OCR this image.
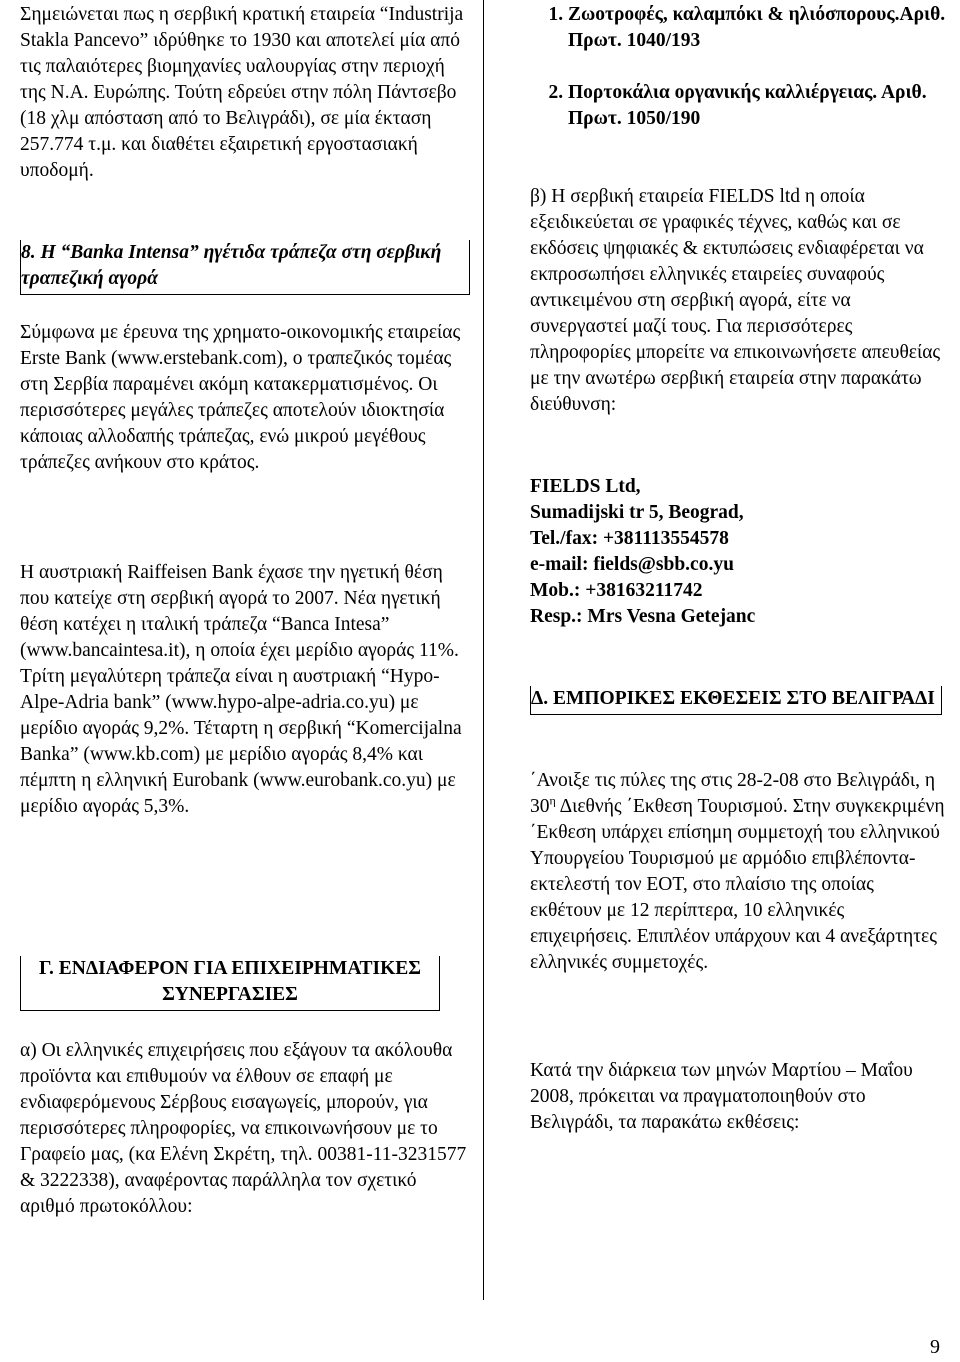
Σημειώνεται πως η σερβική κρατική εταιρεία “Industrija Stakla Pancevo” ιδρύθηκε το 1930 και αποτελεί μία από τις παλαιότερες βιομηχανίες υαλουργίας στην περιοχή της Ν.Α. Ευρώπης. Τούτη εδρεύει στην πόλη Πάντσεβο (18 χλμ απόσταση από το Βελιγράδι), σε μία έκταση 257.774 τ.μ. και διαθέτει εξαιρετική εργοστασιακή υποδομή.

8. Η “Banka Intensa” ηγέτιδα τράπεζα στη σερβική τραπεζική αγορά

Σύμφωνα με έρευνα της χρηματο-οικονομικής εταιρείας Erste Bank (www.erstebank.com), ο τραπεζικός τομέας στη Σερβία παραμένει ακόμη κατακερματισμένος. Οι περισσότερες μεγάλες τράπεζες αποτελούν ιδιοκτησία κάποιας αλλοδαπής τράπεζας, ενώ μικρού μεγέθους τράπεζες ανήκουν στο κράτος.

Η αυστριακή Raiffeisen Bank έχασε την ηγετική θέση που κατείχε στη σερβική αγορά το 2007. Νέα ηγετική θέση κατέχει η ιταλική τράπεζα “Banca Intesa” (www.bancaintesa.it), η οποία έχει μερίδιο αγοράς 11%. Τρίτη μεγαλύτερη τράπεζα είναι η αυστριακή “Hypo-Alpe-Adria bank” (www.hypo-alpe-adria.co.yu) με μερίδιο αγοράς 9,2%. Τέταρτη η σερβική “Komercijalna Banka” (www.kb.com) με μερίδιο αγοράς 8,4% και πέμπτη η ελληνική Eurobank (www.eurobank.co.yu) με μερίδιο αγοράς 5,3%.

Γ. ΕΝΔΙΑΦΕΡΟΝ ΓΙΑ ΕΠΙΧΕΙΡΗΜΑΤΙΚΕΣ ΣΥΝΕΡΓΑΣΙΕΣ

α) Οι ελληνικές επιχειρήσεις που εξάγουν τα ακόλουθα προϊόντα και επιθυμούν να έλθουν σε επαφή με ενδιαφερόμενους Σέρβους εισαγωγείς, μπορούν, για περισσότερες πληροφορίες, να επικοινωνήσουν με το Γραφείο μας, (κα Ελένη Σκρέτη, τηλ. 00381-11-3231577 & 3222338), αναφέροντας παράλληλα τον σχετικό αριθμό πρωτοκόλλου:

1. Ζωοτροφές, καλαμπόκι & ηλιόσπορους.Αριθ. Πρωτ. 1040/193
2. Πορτοκάλια οργανικής καλλιέργειας. Αριθ. Πρωτ. 1050/190

β) Η σερβική εταιρεία FIELDS ltd η οποία εξειδικεύεται σε γραφικές τέχνες, καθώς και σε εκδόσεις ψηφιακές & εκτυπώσεις ενδιαφέρεται να εκπροσωπήσει ελληνικές εταιρείες συναφούς αντικειμένου στη σερβική αγορά, είτε να συνεργαστεί μαζί τους. Για περισσότερες πληροφορίες μπορείτε να επικοινωνήσετε απευθείας με την ανωτέρω σερβική εταιρεία στην παρακάτω διεύθυνση:

FIELDS Ltd,
Sumadijski tr 5, Beograd,
Tel./fax: +381113554578
e-mail: fields@sbb.co.yu
Mob.: +38163211742
Resp.: Mrs Vesna Getejanc

Δ. ΕΜΠΟΡΙΚΕΣ ΕΚΘΕΣΕΙΣ ΣΤΟ ΒΕΛΙΓΡΑΔΙ

΄Ανοιξε τις πύλες της στις 28-2-08 στο Βελιγράδι, η $30^\eta$ Διεθνής ΄Εκθεση Τουρισμού. Στην συγκεκριμένη ΄Εκθεση υπάρχει επίσημη συμμετοχή του ελληνικού Υπουργείου Τουρισμού με αρμόδιο επιβλέποντα-εκτελεστή τον ΕΟΤ, στο πλαίσιο της οποίας εκθέτουν με 12 περίπτερα, 10 ελληνικές επιχειρήσεις. Επιπλέον υπάρχουν και 4 ανεξάρτητες ελληνικές συμμετοχές.

Κατά την διάρκεια των μηνών Μαρτίου – Μαΐου 2008, πρόκειται να πραγματοποιηθούν στο Βελιγράδι, τα παρακάτω εκθέσεις:

9
